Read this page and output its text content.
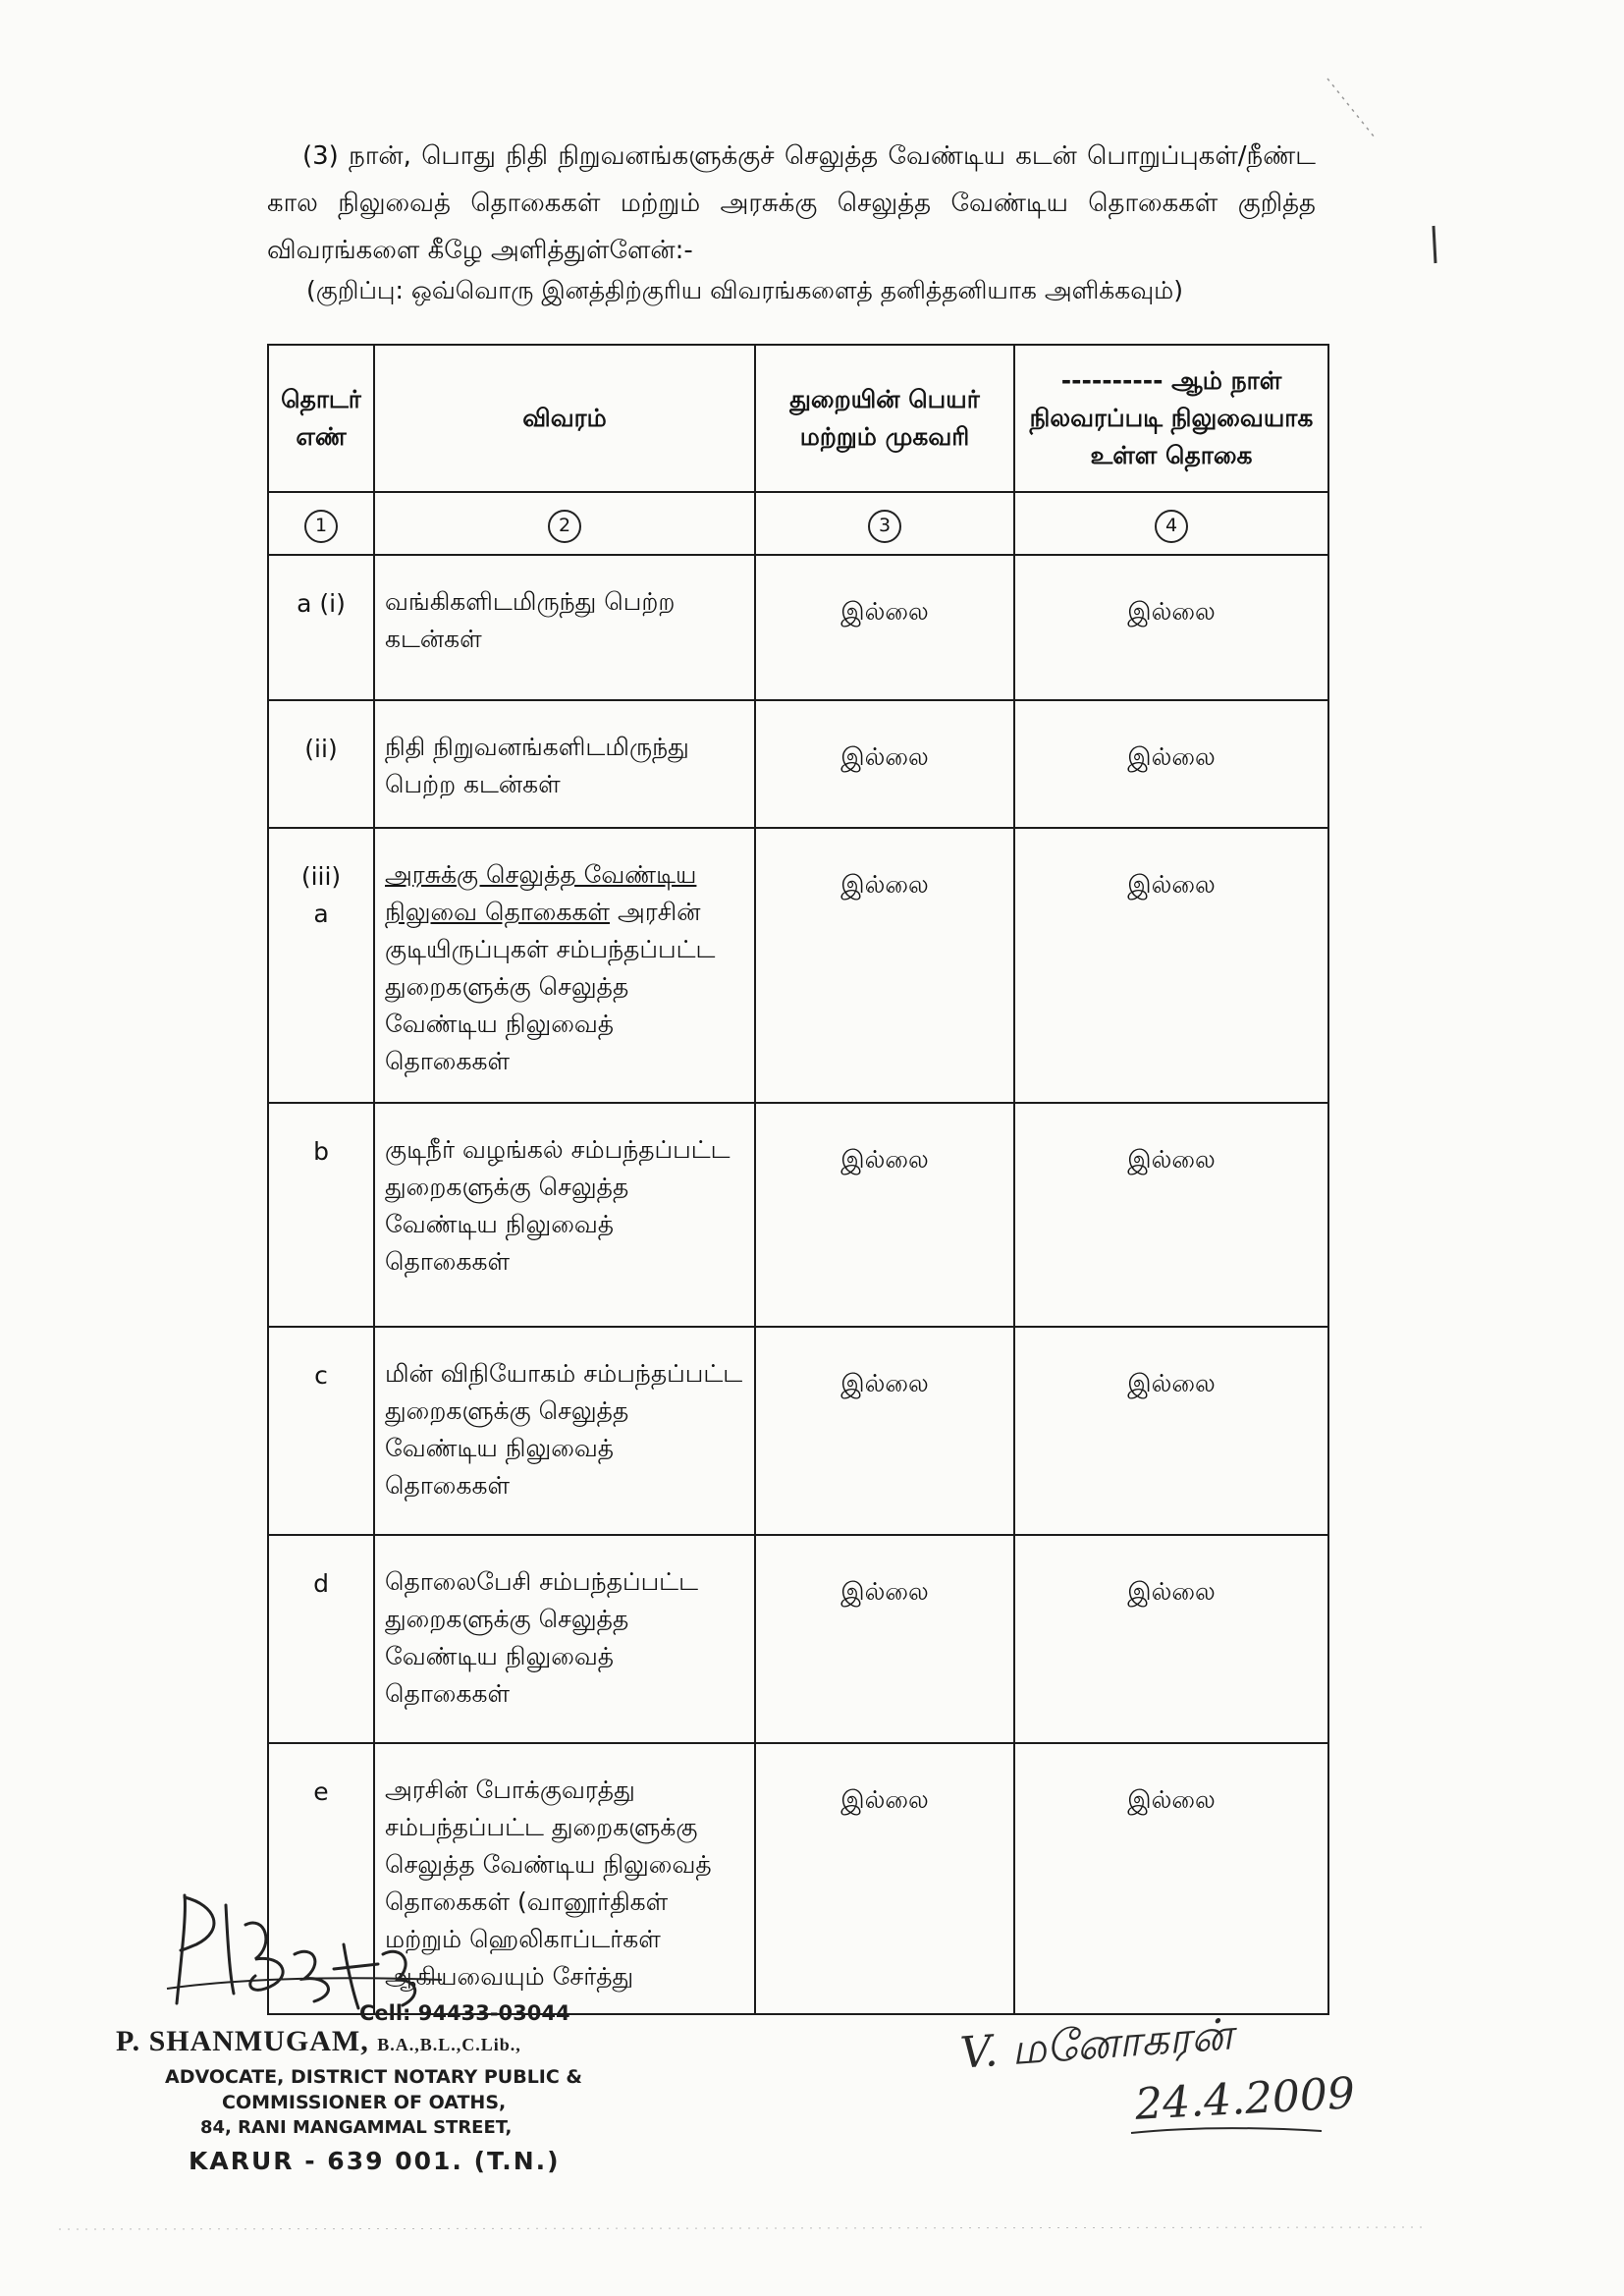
(3) நான், பொது நிதி நிறுவனங்களுக்குச் செலுத்த வேண்டிய கடன் பொறுப்புகள்/நீண்ட கால நிலுவைத் தொகைகள் மற்றும் அரசுக்கு செலுத்த வேண்டிய தொகைகள் குறித்த விவரங்களை கீழே அளித்துள்ளேன்:-

(குறிப்பு: ஒவ்வொரு இனத்திற்குரிய விவரங்களைத் தனித்தனியாக அளிக்கவும்)
தொடர் எண்	விவரம்	துறையின் பெயர் மற்றும் முகவரி	---------- ஆம் நாள் நிலவரப்படி நிலுவையாக உள்ள தொகை

1	2	3	4
a (i)	வங்கிகளிடமிருந்து பெற்ற கடன்கள்	இல்லை	இல்லை
(ii)	நிதி நிறுவனங்களிடமிருந்து பெற்ற கடன்கள்	இல்லை	இல்லை

(iii)
a	அரசுக்கு செலுத்த வேண்டிய நிலுவை தொகைகள் அரசின் குடியிருப்புகள் சம்பந்தப்பட்ட துறைகளுக்கு செலுத்த வேண்டிய நிலுவைத் தொகைகள்	இல்லை	இல்லை
b	குடிநீர் வழங்கல் சம்பந்தப்பட்ட துறைகளுக்கு செலுத்த வேண்டிய நிலுவைத் தொகைகள்	இல்லை	இல்லை
c	மின் விநியோகம் சம்பந்தப்பட்ட துறைகளுக்கு செலுத்த வேண்டிய நிலுவைத் தொகைகள்	இல்லை	இல்லை
d	தொலைபேசி சம்பந்தப்பட்ட துறைகளுக்கு செலுத்த வேண்டிய நிலுவைத் தொகைகள்	இல்லை	இல்லை
e	அரசின் போக்குவரத்து சம்பந்தப்பட்ட துறைகளுக்கு செலுத்த வேண்டிய நிலுவைத் தொகைகள் (வானூர்திகள் மற்றும் ஹெலிகாப்டர்கள் ஆகியவையும் சேர்த்து	இல்லை	இல்லை
Cell: 94433-03044
P. SHANMUGAM, B.A.,B.L.,C.Lib.,
ADVOCATE, DISTRICT NOTARY PUBLIC &
COMMISSIONER OF OATHS,
84, RANI MANGAMMAL STREET,
KARUR - 639 001. (T.N.)
V. மனோகரன்
24.4.2009
